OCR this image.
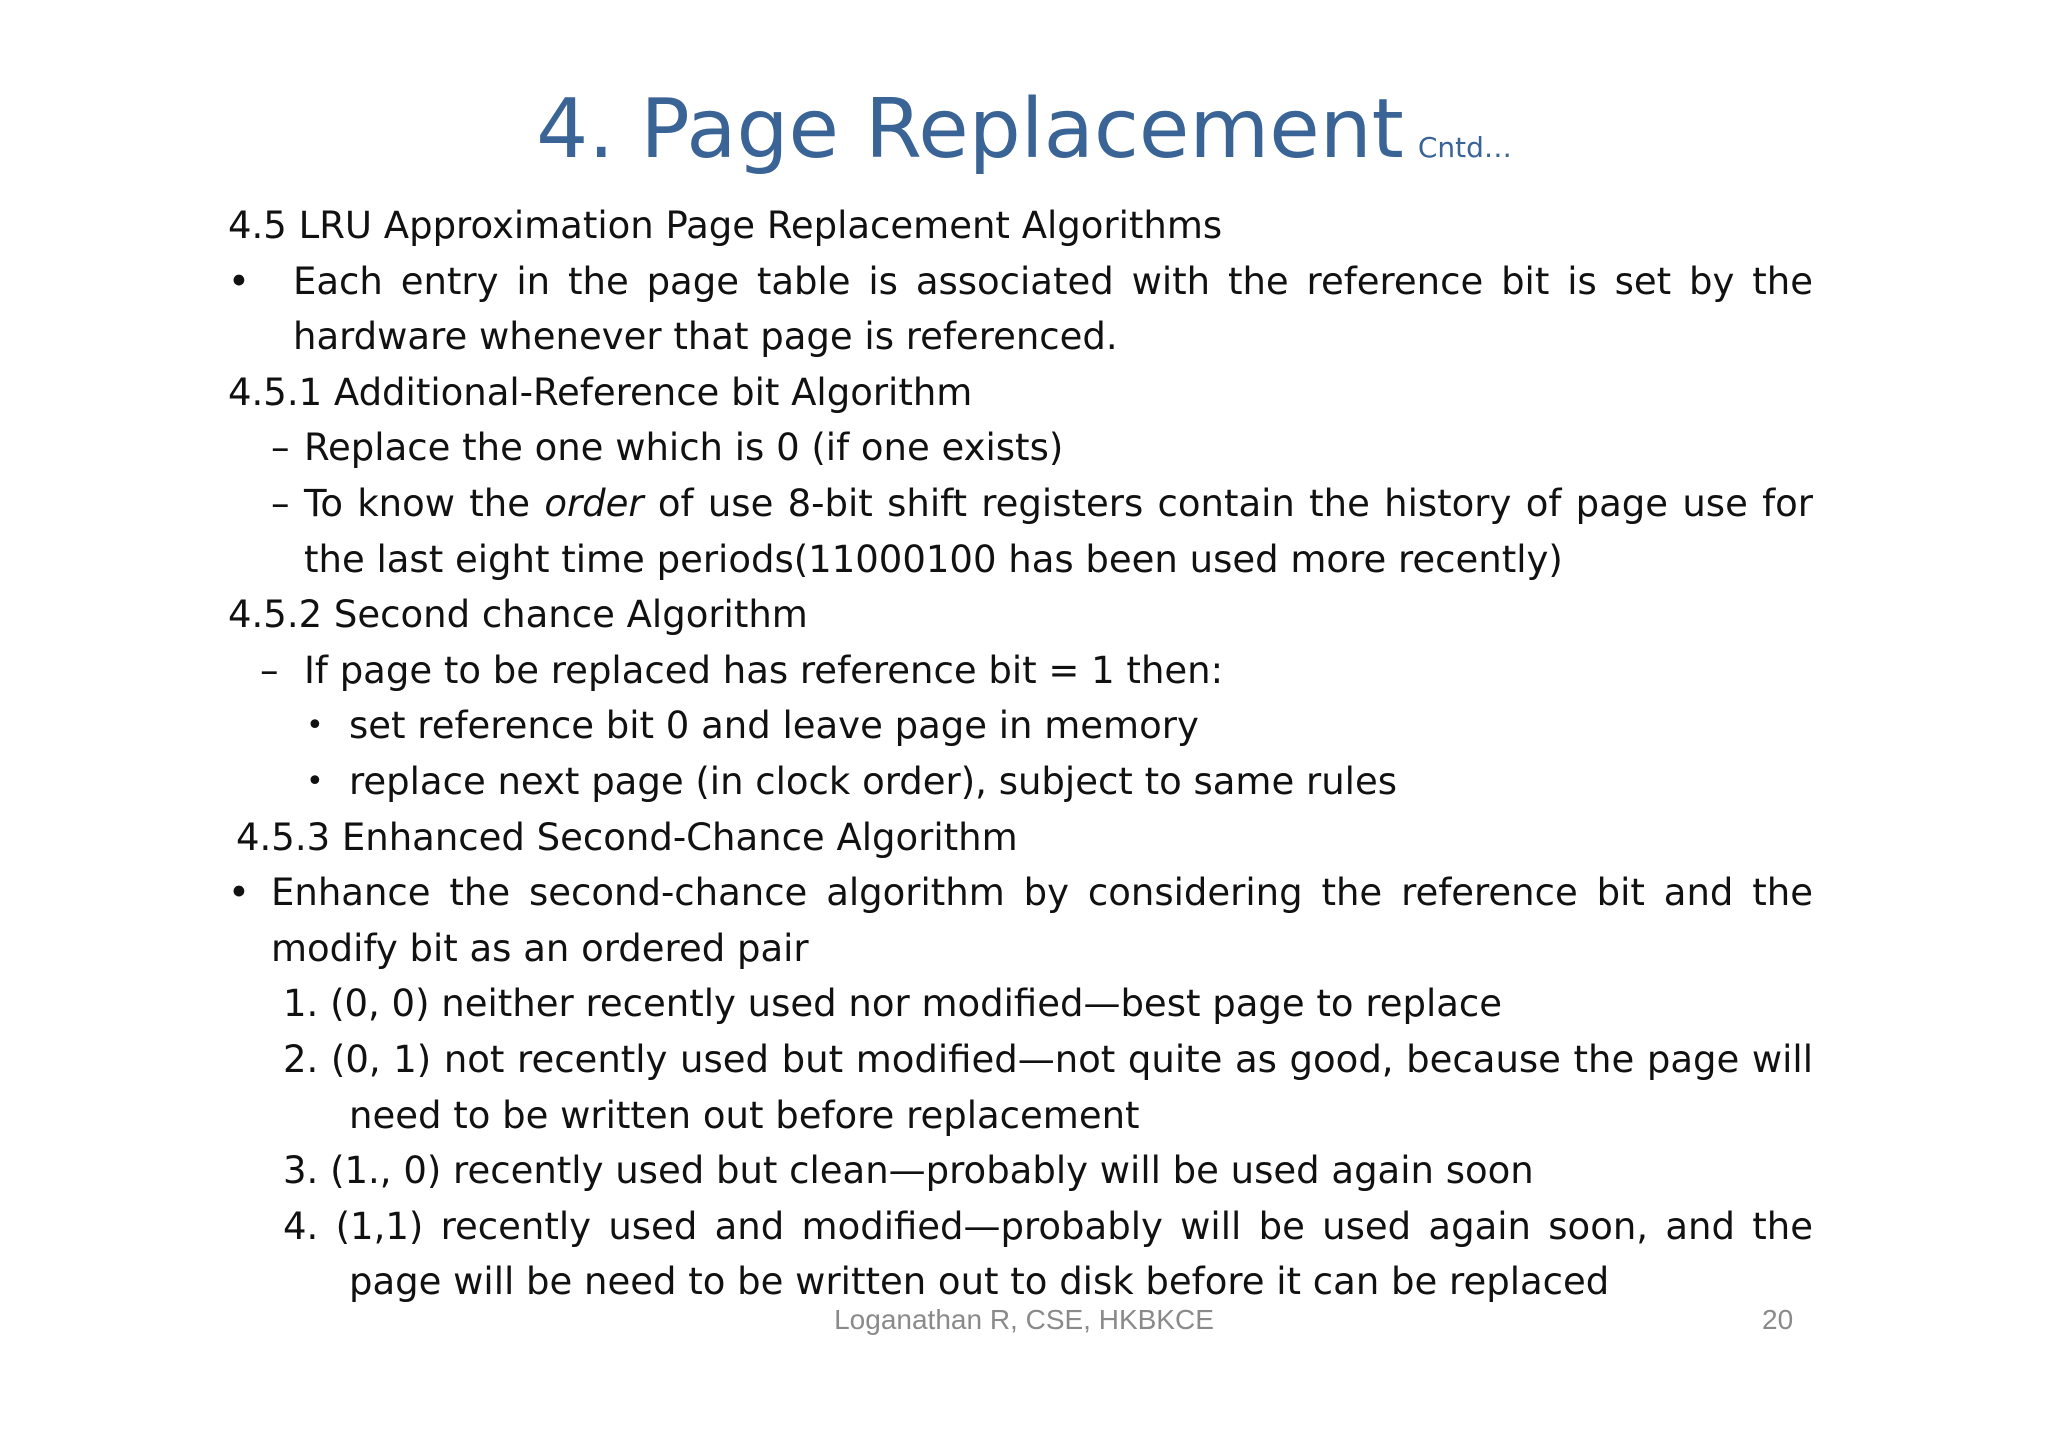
4. Page Replacement Cntd…
4.5 LRU Approximation Page Replacement Algorithms
• Each entry in the page table is associated with the reference bit is set by the
hardware whenever that page is referenced.
4.5.1 Additional-Reference bit Algorithm
– Replace the one which is 0 (if one exists)
– To know the order of use 8-bit shift registers contain the history of page use for
the last eight time periods(11000100 has been used more recently)
4.5.2 Second chance Algorithm
– If page to be replaced has reference bit = 1 then:
• set reference bit 0 and leave page in memory
• replace next page (in clock order), subject to same rules
4.5.3 Enhanced Second-Chance Algorithm
• Enhance the second-chance algorithm by considering the reference bit and the
modify bit as an ordered pair
1. (0, 0) neither recently used nor modified—best page to replace
2. (0, 1) not recently used but modified—not quite as good, because the page will
need to be written out before replacement
3. (1., 0) recently used but clean—probably will be used again soon
4. (1,1) recently used and modified—probably will be used again soon, and the
page will be need to be written out to disk before it can be replaced
Loganathan R, CSE, HKBKCE	20
